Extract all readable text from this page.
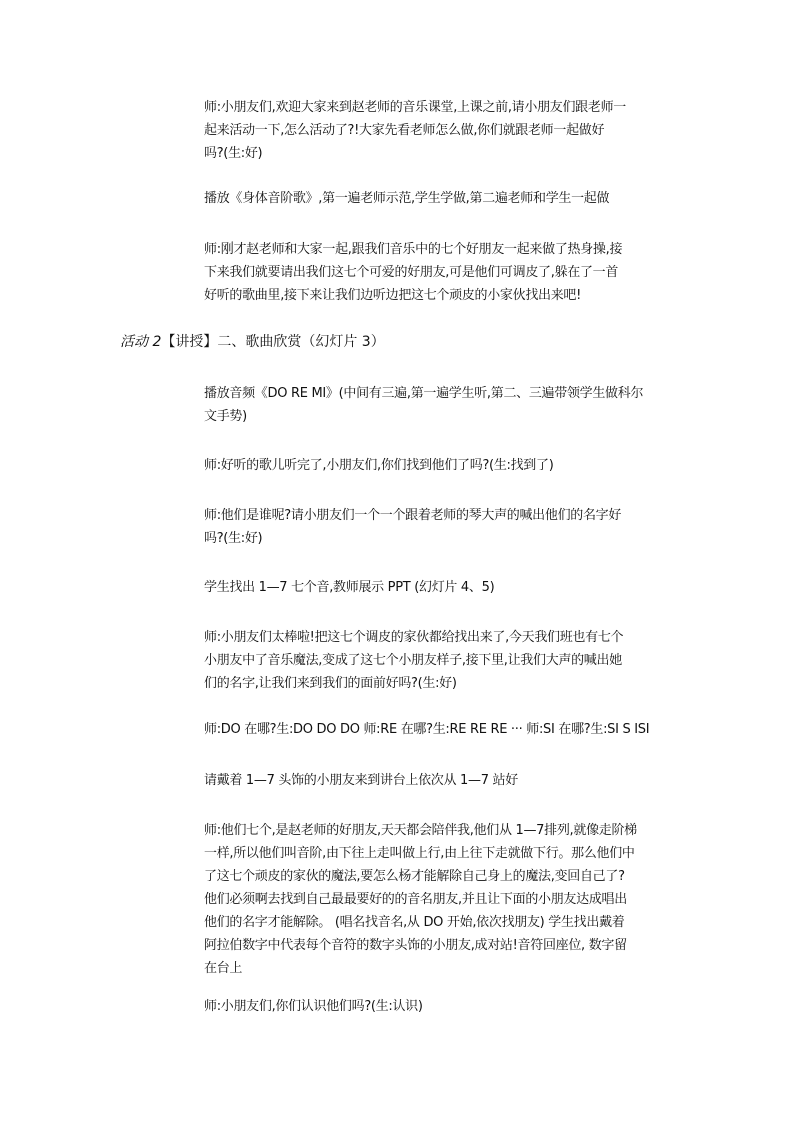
师:小朋友们,欢迎大家来到赵老师的音乐课堂,上课之前,请小朋友们跟老师一
起来活动一下,怎么活动了?!大家先看老师怎么做,你们就跟老师一起做好
吗?(生:好)
播放《身体音阶歌》,第一遍老师示范,学生学做,第二遍老师和学生一起做
师:刚才赵老师和大家一起,跟我们音乐中的七个好朋友一起来做了热身操,接
下来我们就要请出我们这七个可爱的好朋友,可是他们可调皮了,躲在了一首
好听的歌曲里,接下来让我们边听边把这七个顽皮的小家伙找出来吧!
活动 2【讲授】二、歌曲欣赏（幻灯片 3）
播放音频《DO RE MI》(中间有三遍,第一遍学生听,第二、三遍带领学生做科尔
文手势)
师:好听的歌儿听完了,小朋友们,你们找到他们了吗?(生:找到了)
师:他们是谁呢?请小朋友们一个一个跟着老师的琴大声的喊出他们的名字好
吗?(生:好)
学生找出 1—7 七个音,教师展示 PPT (幻灯片 4、5)
师:小朋友们太棒啦!把这七个调皮的家伙都给找出来了,今天我们班也有七个
小朋友中了音乐魔法,变成了这七个小朋友样子,接下里,让我们大声的喊出她
们的名字,让我们来到我们的面前好吗?(生:好)
师:DO 在哪?生:DO DO DO 师:RE 在哪?生:RE RE RE ··· 师:SI 在哪?生:SI S ISI
请戴着 1—7 头饰的小朋友来到讲台上依次从 1—7 站好
师:他们七个,是赵老师的好朋友,天天都会陪伴我,他们从 1—7排列,就像走阶梯
一样,所以他们叫音阶,由下往上走叫做上行,由上往下走就做下行。那么他们中
了这七个顽皮的家伙的魔法,要怎么杨才能解除自己身上的魔法,变回自己了?
他们必须啊去找到自己最最要好的的音名朋友,并且让下面的小朋友达成唱出
他们的名字才能解除。 (唱名找音名,从 DO 开始,依次找朋友) 学生找出戴着
阿拉伯数字中代表每个音符的数字头饰的小朋友,成对站!音符回座位, 数字留
在台上
师:小朋友们,你们认识他们吗?(生:认识)
